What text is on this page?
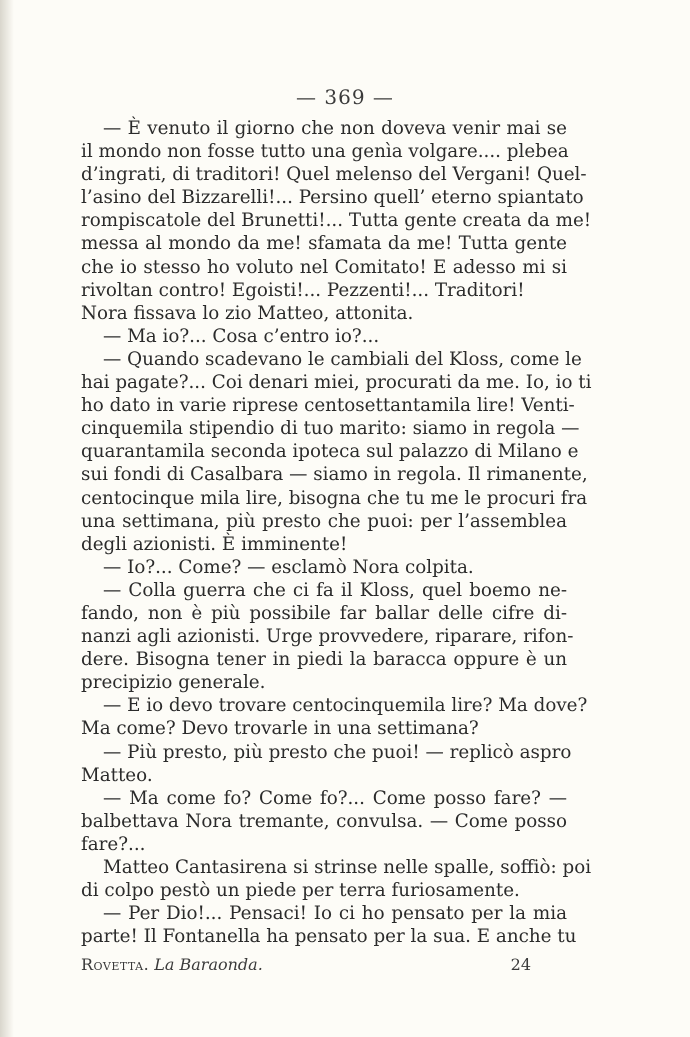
— 369 —
— È venuto il giorno che non doveva venir mai se
il mondo non fosse tutto una genìa volgare.... plebea
d’ingrati, di traditori! Quel melenso del Vergani! Quel-
l’asino del Bizzarelli!... Persino quell’ eterno spiantato
rompiscatole del Brunetti!... Tutta gente creata da me!
messa al mondo da me! sfamata da me! Tutta gente
che io stesso ho voluto nel Comitato! E adesso mi si
rivoltan contro! Egoisti!... Pezzenti!... Traditori!
Nora fissava lo zio Matteo, attonita.
— Ma io?... Cosa c’entro io?...
— Quando scadevano le cambiali del Kloss, come le
hai pagate?... Coi denari miei, procurati da me. Io, io ti
ho dato in varie riprese centosettantamila lire! Venti-
cinquemila stipendio di tuo marito: siamo in regola —
quarantamila seconda ipoteca sul palazzo di Milano e
sui fondi di Casalbara — siamo in regola. Il rimanente,
centocinque mila lire, bisogna che tu me le procuri fra
una settimana, più presto che puoi: per l’assemblea
degli azionisti. È imminente!
— Io?... Come? — esclamò Nora colpita.
— Colla guerra che ci fa il Kloss, quel boemo ne-
fando, non è più possibile far ballar delle cifre di-
nanzi agli azionisti. Urge provvedere, riparare, rifon-
dere. Bisogna tener in piedi la baracca oppure è un
precipizio generale.
— E io devo trovare centocinquemila lire? Ma dove?
Ma come? Devo trovarle in una settimana?
— Più presto, più presto che puoi! — replicò aspro
Matteo.
— Ma come fo? Come fo?... Come posso fare? —
balbettava Nora tremante, convulsa. — Come posso
fare?...
Matteo Cantasirena si strinse nelle spalle, soffiò: poi
di colpo pestò un piede per terra furiosamente.
— Per Dio!... Pensaci! Io ci ho pensato per la mia
parte! Il Fontanella ha pensato per la sua. E anche tu
Rovetta. La Baraonda.	24
